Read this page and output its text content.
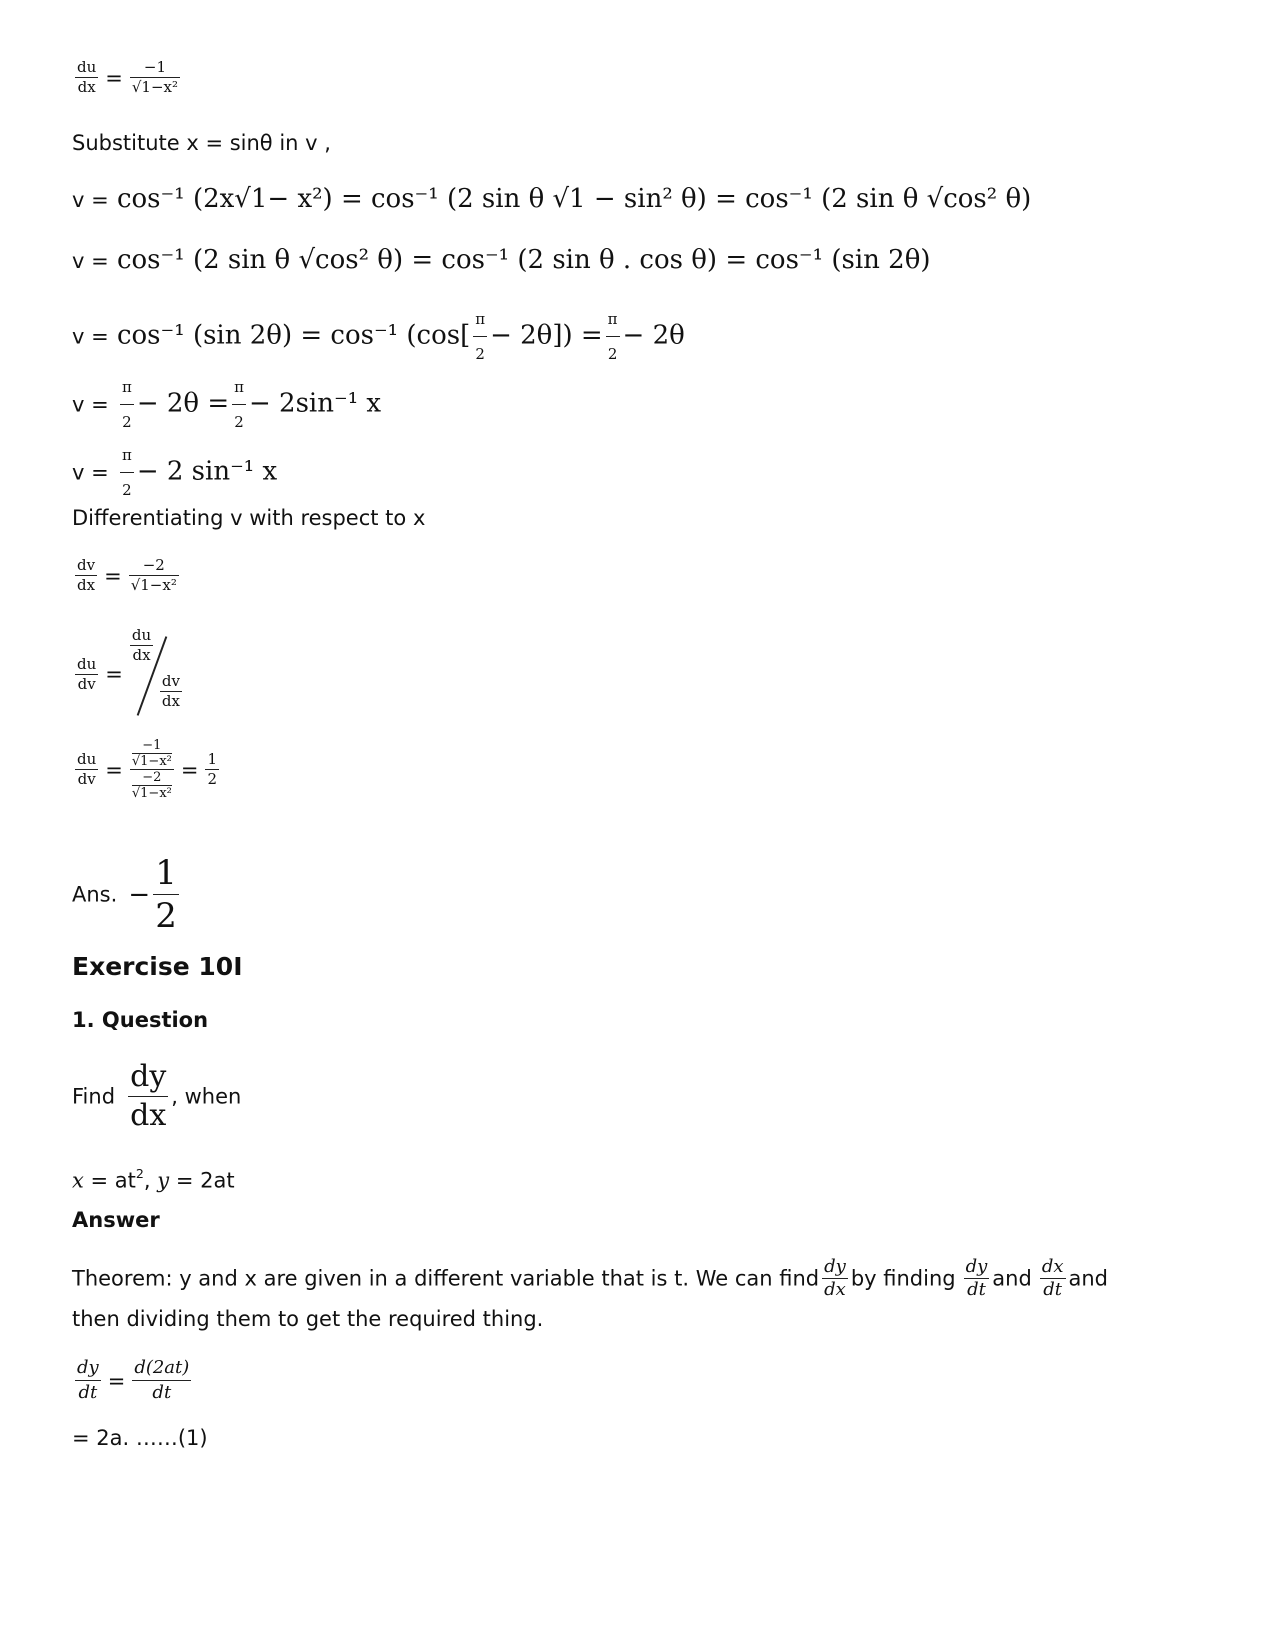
$\frac{du}{dx} = \frac{-1}{\text{√1−x²}}$
Substitute x = sinθ in v ,
v = cos⁻¹ (2x√1− x²) = cos⁻¹ (2 sin θ √1 − sin² θ) = cos⁻¹ (2 sin θ √cos² θ)
v = cos⁻¹ (2 sin θ √cos² θ) = cos⁻¹ (2 sin θ . cos θ) = cos⁻¹ (sin 2θ)
v = cos⁻¹ (sin 2θ) = cos⁻¹ $(\cos[ \frac{\pi}{2} - 2\theta]) = \frac{\pi}{2} - 2\theta$
$v = \frac{\pi}{2} - 2\theta = \frac{\pi}{2} - 2\sin^{-1}$ x
$v = \frac{\pi}{2} - 2$ sin⁻¹ x
Differentiating v with respect to x
$\frac{dv}{dx} = \frac{-2}{\text{√1−x²}}$
$\frac{du}{dv}$ =
$\frac{du}{dx}$
$\frac{dv}{dx}$
$\frac{du}{dv} = -1$
√1−x²
−2
$√1-x^2 = \frac{1}{2}$
Ans. − $\frac{1}{2}$
Exercise 10I
1. Question
Find $\frac{dy}{dx}$ , when
$x = at^2$, y = 2at
Answer
Theorem: y and x are given in a different variable that is t. We can find $\frac{dy}{dx}$ by finding $\frac{dy}{dt}$ and $\frac{dx}{dt}$ and
then dividing them to get the required thing.
$\frac{dy}{dt} = \frac{d(2at)}{dt}$
= 2a. ……(1)
